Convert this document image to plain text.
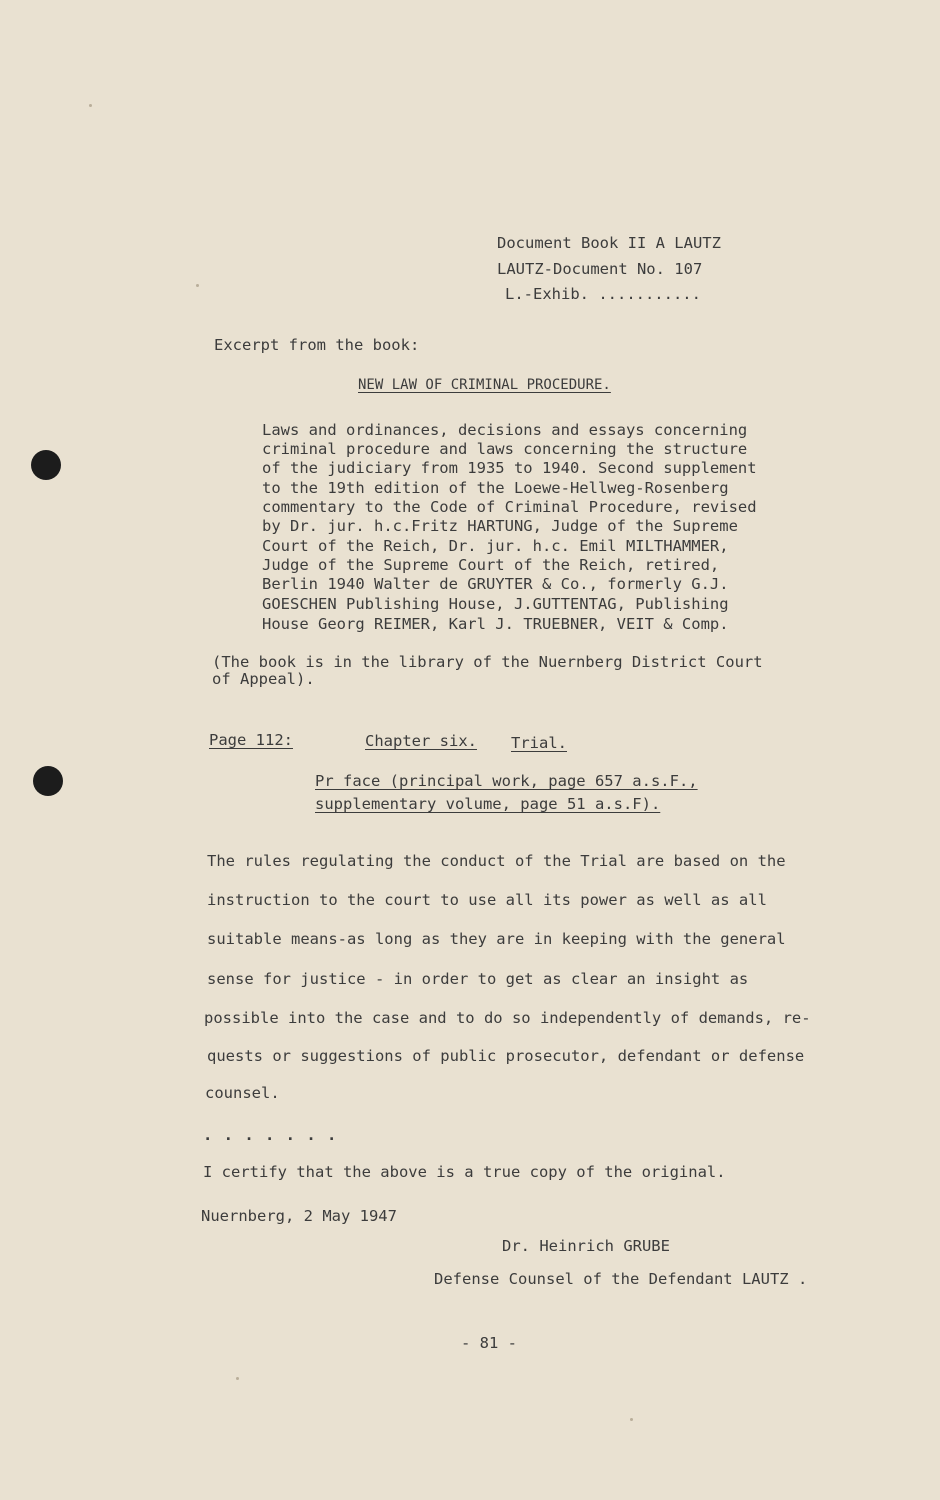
Document Book II A LAUTZ
LAUTZ-Document No. 107
L.-Exhib. ...........
Excerpt from the book:
NEW LAW OF CRIMINAL PROCEDURE.
Laws and ordinances, decisions and essays concerning
criminal procedure and laws concerning the structure
of the judiciary from 1935 to 1940. Second supplement
to the 19th edition of the Loewe-Hellweg-Rosenberg
commentary to the Code of Criminal Procedure, revised
by Dr. jur. h.c.Fritz HARTUNG, Judge of the Supreme
Court of the Reich, Dr. jur. h.c. Emil MILTHAMMER,
Judge of the Supreme Court of the Reich, retired,
Berlin 1940 Walter de GRUYTER & Co., formerly G.J.
GOESCHEN Publishing House, J.GUTTENTAG, Publishing
House Georg REIMER, Karl J. TRUEBNER, VEIT & Comp.
(The book is in the library of the Nuernberg District Court
of Appeal).
Page 112:	Chapter six. Trial.
Pr face (principal work, page 657 a.s.F.,
supplementary volume, page 51 a.s.F).
The rules regulating the conduct of the Trial are based on the
instruction to the court to use all its power as well as all
suitable means-as long as they are in keeping with the general
sense for justice - in order to get as clear an insight as
possible into the case and to do so independently of demands, re-
quests or suggestions of public prosecutor, defendant or defense
counsel.
. . . . . . .
I certify that the above is a true copy of the original.
Nuernberg, 2 May 1947
Dr. Heinrich GRUBE
Defense Counsel of the Defendant LAUTZ .
- 81 -
